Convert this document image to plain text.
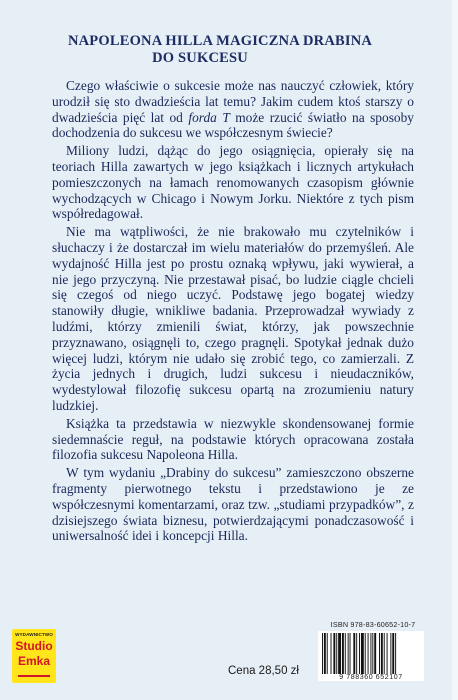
NAPOLEONA HILLA MAGICZNA DRABINA
DO SUKCESU

Czego właściwie o sukcesie może nas nauczyć człowiek, który urodził się sto dwadzieścia lat temu? Jakim cudem ktoś starszy o dwadzieścia pięć lat od forda T może rzucić światło na sposoby dochodzenia do sukcesu we współczesnym świecie?

Miliony ludzi, dążąc do jego osiągnięcia, opierały się na teoriach Hilla zawartych w jego książkach i licznych artykułach pomieszczonych na łamach renomowanych czasopism głównie wychodzących w Chicago i Nowym Jorku. Niektóre z tych pism współredagował.

Nie ma wątpliwości, że nie brakowało mu czytelników i słuchaczy i że dostarczał im wielu materiałów do przemyśleń. Ale wydajność Hilla jest po prostu oznaką wpływu, jaki wywierał, a nie jego przyczyną. Nie przestawał pisać, bo ludzie ciągle chcieli się czegoś od niego uczyć. Podstawę jego bogatej wiedzy stanowiły długie, wnikliwe badania. Przeprowadzał wywiady z ludźmi, którzy zmienili świat, którzy, jak powszechnie przyznawano, osiągnęli to, czego pragnęli. Spotykał jednak dużo więcej ludzi, którym nie udało się zrobić tego, co zamierzali. Z życia jednych i drugich, ludzi sukcesu i nieudaczników, wydestylował filozofię sukcesu opartą na zrozumieniu natury ludzkiej.

Książka ta przedstawia w niezwykle skondensowanej formie siedemnaście reguł, na podstawie których opracowana została filozofia sukcesu Napoleona Hilla.

W tym wydaniu „Drabiny do sukcesu” zamieszczono obszerne fragmenty pierwotnego tekstu i przedstawiono je ze współczesnymi komentarzami, oraz tzw. „studiami przypadków”, z dzisiejszego świata biznesu, potwierdzającymi ponadczasowość i uniwersalność idei i koncepcji Hilla.

WYDAWNICTWO
Studio
Emka
Cena 28,50 zł
ISBN 978-83-60652-10-7
9 788360 652107
